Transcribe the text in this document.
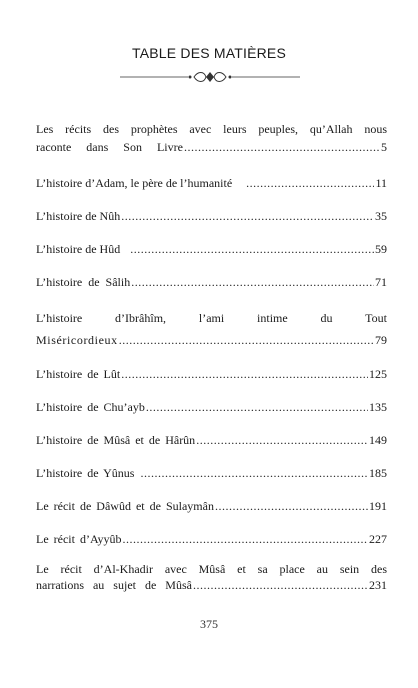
TABLE DES MATIÈRES
Les récits des prophètes avec leurs peuples, qu’Allah nous
raconte dans Son Livre .....	5
L’histoire d’Adam, le père de l’humanité .....	11
L’histoire de Nûh .....	35
L’histoire de Hûd .....	59
L’histoire de Sâlih .....	71
L’histoire d’Ibrâhîm, l’ami intime du Tout
Miséricordieux .....	79
L’histoire de Lût .....	125
L’histoire de Chu’ayb .....	135
L’histoire de Mûsâ et de Hârûn .....	149
L’histoire de Yûnus .....	185
Le récit de Dâwûd et de Sulaymân .....	191
Le récit d’Ayyûb .....	227
Le récit d’Al-Khadir avec Mûsâ et sa place au sein des
narrations au sujet de Mûsâ .....	231
375
